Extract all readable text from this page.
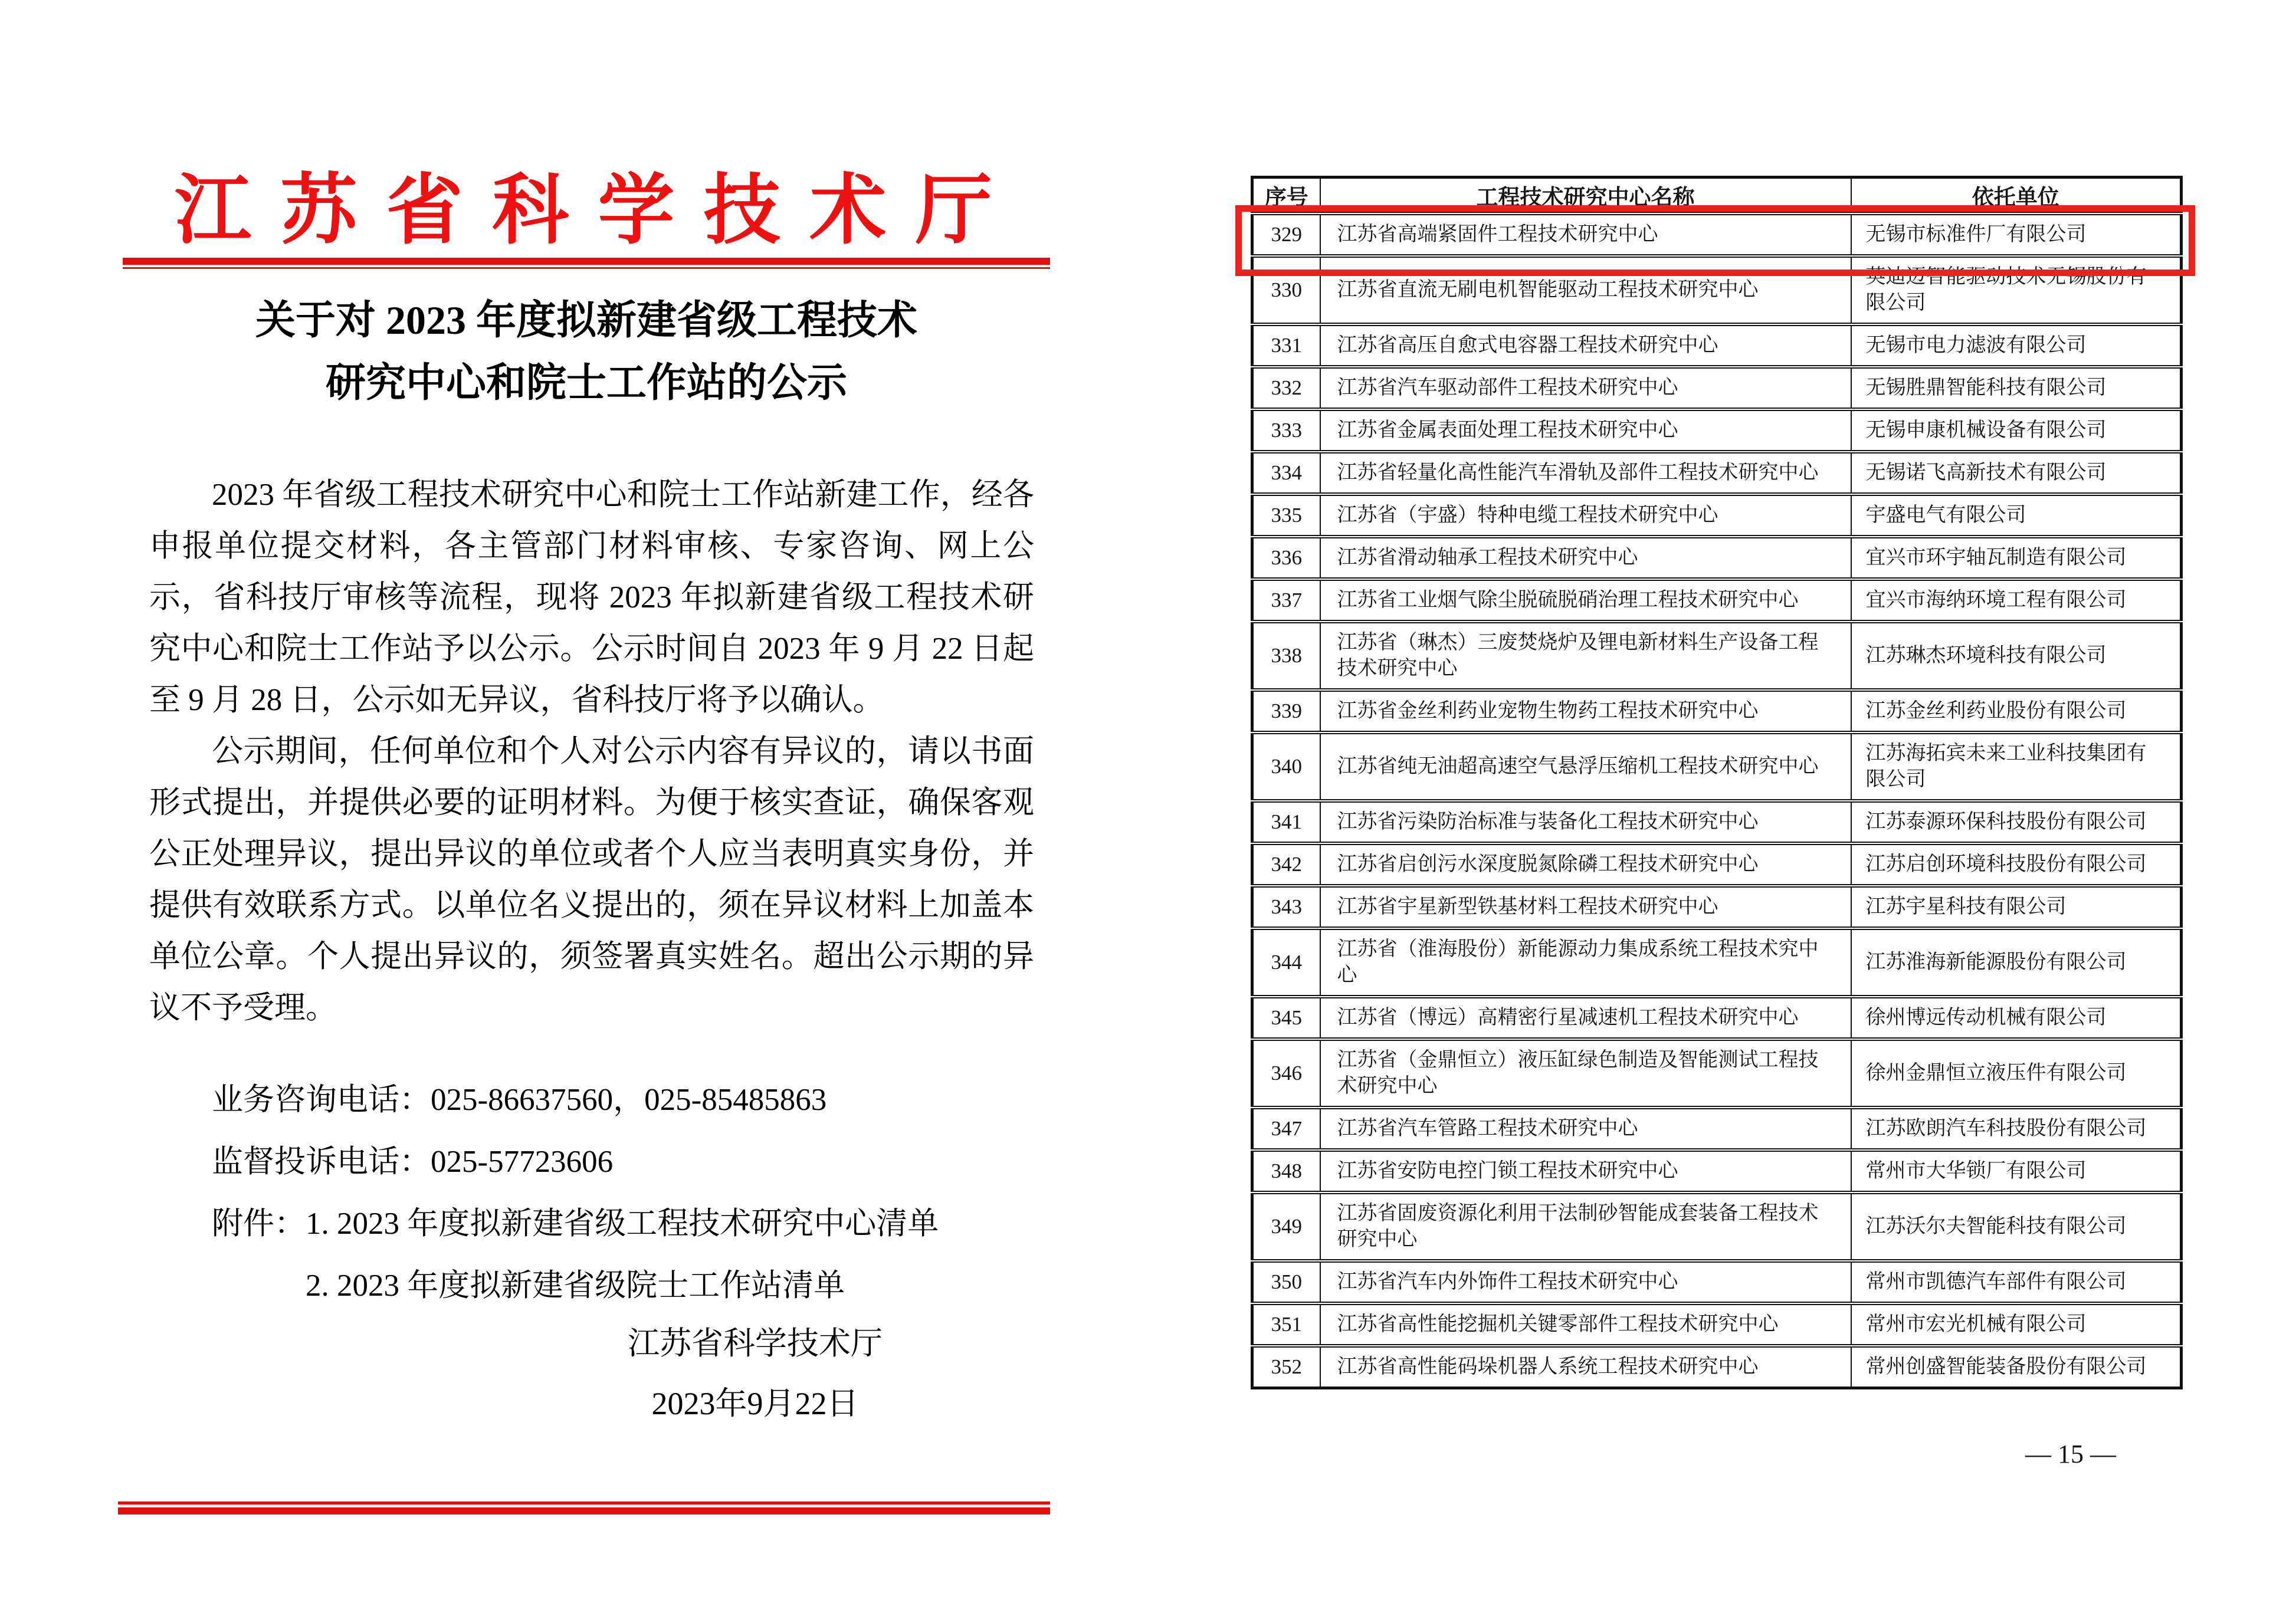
江苏省科学技术厅
关于对 2023 年度拟新建省级工程技术
研究中心和院士工作站的公示

2023 年省级工程技术研究中心和院士工作站新建工作，经各申报单位提交材料，各主管部门材料审核、专家咨询、网上公示，省科技厅审核等流程，现将 2023 年拟新建省级工程技术研究中心和院士工作站予以公示。公示时间自 2023 年 9 月 22 日起至 9 月 28 日，公示如无异议，省科技厅将予以确认。

公示期间，任何单位和个人对公示内容有异议的，请以书面形式提出，并提供必要的证明材料。为便于核实查证，确保客观公正处理异议，提出异议的单位或者个人应当表明真实身份，并提供有效联系方式。以单位名义提出的，须在异议材料上加盖本单位公章。个人提出异议的，须签署真实姓名。超出公示期的异议不予受理。

业务咨询电话：025-86637560，025-85485863

监督投诉电话：025-57723606

附件：1. 2023 年度拟新建省级工程技术研究中心清单

2. 2023 年度拟新建省级院士工作站清单

江苏省科学技术厅

2023年9月22日

序号	工程技术研究中心名称	依托单位
329	江苏省高端紧固件工程技术研究中心	无锡市标准件厂有限公司
330	江苏省直流无刷电机智能驱动工程技术研究中心	英迪迈智能驱动技术无锡股份有限公司
331	江苏省高压自愈式电容器工程技术研究中心	无锡市电力滤波有限公司
332	江苏省汽车驱动部件工程技术研究中心	无锡胜鼎智能科技有限公司
333	江苏省金属表面处理工程技术研究中心	无锡申康机械设备有限公司
334	江苏省轻量化高性能汽车滑轨及部件工程技术研究中心	无锡诺飞高新技术有限公司
335	江苏省（宇盛）特种电缆工程技术研究中心	宇盛电气有限公司
336	江苏省滑动轴承工程技术研究中心	宜兴市环宇轴瓦制造有限公司
337	江苏省工业烟气除尘脱硫脱硝治理工程技术研究中心	宜兴市海纳环境工程有限公司
338	江苏省（琳杰）三废焚烧炉及锂电新材料生产设备工程技术研究中心	江苏琳杰环境科技有限公司
339	江苏省金丝利药业宠物生物药工程技术研究中心	江苏金丝利药业股份有限公司
340	江苏省纯无油超高速空气悬浮压缩机工程技术研究中心	江苏海拓宾未来工业科技集团有限公司
341	江苏省污染防治标准与装备化工程技术研究中心	江苏泰源环保科技股份有限公司
342	江苏省启创污水深度脱氮除磷工程技术研究中心	江苏启创环境科技股份有限公司
343	江苏省宇星新型铁基材料工程技术研究中心	江苏宇星科技有限公司
344	江苏省（淮海股份）新能源动力集成系统工程技术究中心	江苏淮海新能源股份有限公司
345	江苏省（博远）高精密行星减速机工程技术研究中心	徐州博远传动机械有限公司
346	江苏省（金鼎恒立）液压缸绿色制造及智能测试工程技术研究中心	徐州金鼎恒立液压件有限公司
347	江苏省汽车管路工程技术研究中心	江苏欧朗汽车科技股份有限公司
348	江苏省安防电控门锁工程技术研究中心	常州市大华锁厂有限公司
349	江苏省固废资源化利用干法制砂智能成套装备工程技术研究中心	江苏沃尔夫智能科技有限公司
350	江苏省汽车内外饰件工程技术研究中心	常州市凯德汽车部件有限公司
351	江苏省高性能挖掘机关键零部件工程技术研究中心	常州市宏光机械有限公司
352	江苏省高性能码垛机器人系统工程技术研究中心	常州创盛智能装备股份有限公司
— 15 —
